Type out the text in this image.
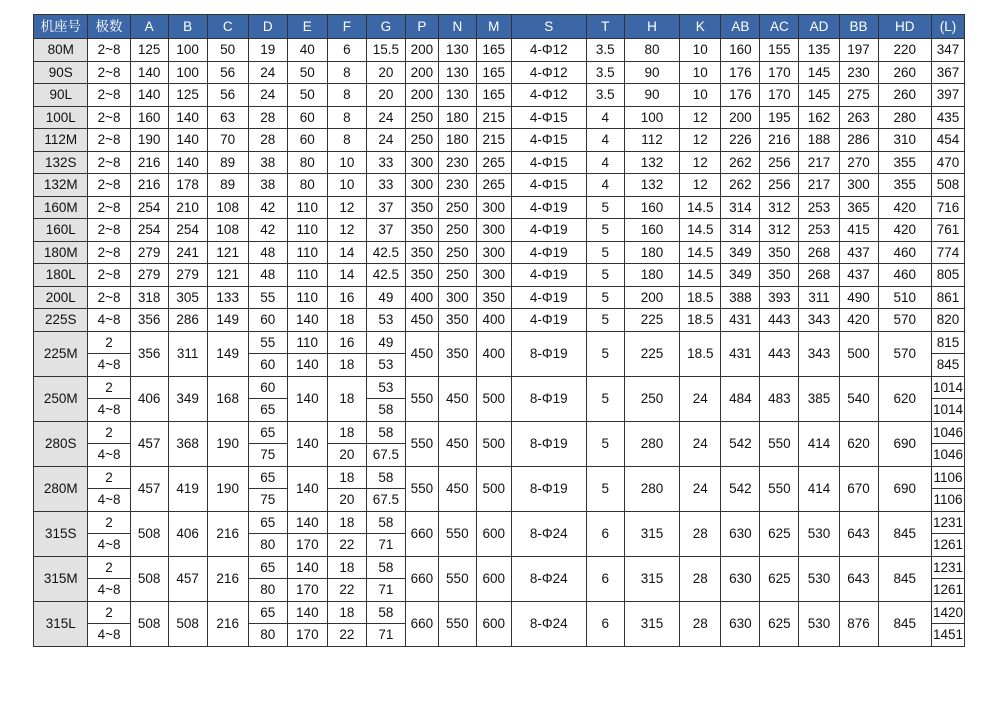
机座号	极数	A	B	C	D	E	F	G	P	N	M	S	T	H	K	AB	AC	AD	BB	HD	(L)
80M	2~8	125	100	50	19	40	6	15.5	200	130	165	4-Φ12	3.5	80	10	160	155	135	197	220	347
90S	2~8	140	100	56	24	50	8	20	200	130	165	4-Φ12	3.5	90	10	176	170	145	230	260	367
90L	2~8	140	125	56	24	50	8	20	200	130	165	4-Φ12	3.5	90	10	176	170	145	275	260	397
100L	2~8	160	140	63	28	60	8	24	250	180	215	4-Φ15	4	100	12	200	195	162	263	280	435
112M	2~8	190	140	70	28	60	8	24	250	180	215	4-Φ15	4	112	12	226	216	188	286	310	454
132S	2~8	216	140	89	38	80	10	33	300	230	265	4-Φ15	4	132	12	262	256	217	270	355	470
132M	2~8	216	178	89	38	80	10	33	300	230	265	4-Φ15	4	132	12	262	256	217	300	355	508
160M	2~8	254	210	108	42	110	12	37	350	250	300	4-Φ19	5	160	14.5	314	312	253	365	420	716
160L	2~8	254	254	108	42	110	12	37	350	250	300	4-Φ19	5	160	14.5	314	312	253	415	420	761
180M	2~8	279	241	121	48	110	14	42.5	350	250	300	4-Φ19	5	180	14.5	349	350	268	437	460	774
180L	2~8	279	279	121	48	110	14	42.5	350	250	300	4-Φ19	5	180	14.5	349	350	268	437	460	805
200L	2~8	318	305	133	55	110	16	49	400	300	350	4-Φ19	5	200	18.5	388	393	311	490	510	861
225S	4~8	356	286	149	60	140	18	53	450	350	400	4-Φ19	5	225	18.5	431	443	343	420	570	820
225M	2	356	311	149	55	110	16	49	450	350	400	8-Φ19	5	225	18.5	431	443	343	500	570	815
	4~8				60	140	18	53													845
250M	2	406	349	168	60	140	18	53	550	450	500	8-Φ19	5	250	24	484	483	385	540	620	1014
	4~8				65			58													1014
280S	2	457	368	190	65	140	18	58	550	450	500	8-Φ19	5	280	24	542	550	414	620	690	1046
	4~8				75		20	67.5													1046
280M	2	457	419	190	65	140	18	58	550	450	500	8-Φ19	5	280	24	542	550	414	670	690	1106
	4~8				75		20	67.5													1106
315S	2	508	406	216	65	140	18	58	660	550	600	8-Φ24	6	315	28	630	625	530	643	845	1231
	4~8				80	170	22	71													1261
315M	2	508	457	216	65	140	18	58	660	550	600	8-Φ24	6	315	28	630	625	530	643	845	1231
	4~8				80	170	22	71													1261
315L	2	508	508	216	65	140	18	58	660	550	600	8-Φ24	6	315	28	630	625	530	876	845	1420
	4~8				80	170	22	71													1451
